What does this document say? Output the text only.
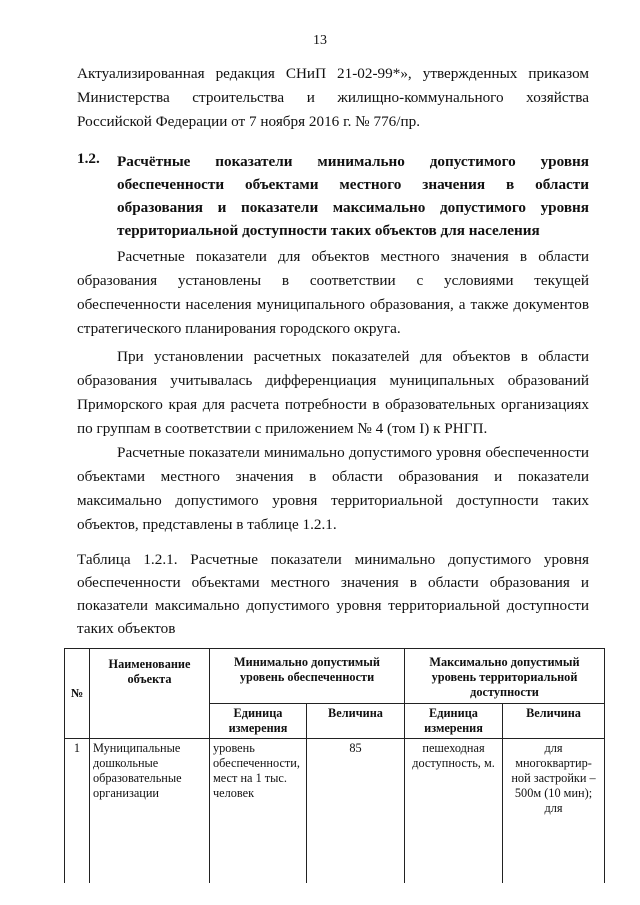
13

Актуализированная редакция СНиП 21-02-99*», утвержденных приказом Министерства строительства и жилищно-коммунального хозяйства Российской Федерации от 7 ноября 2016 г. № 776/пр.

1.2. Расчётные показатели минимально допустимого уровня обеспеченности объектами местного значения в области образования и показатели максимально допустимого уровня территориальной доступности таких объектов для населения

Расчетные показатели для объектов местного значения в области образования установлены в соответствии с условиями текущей обеспеченности населения муниципального образования, а также документов стратегического планирования городского округа.

При установлении расчетных показателей для объектов в области образования учитывалась дифференциация муниципальных образований Приморского края для расчета потребности в образовательных организациях по группам в соответствии с приложением № 4 (том I) к РНГП.

Расчетные показатели минимально допустимого уровня обеспеченности объектами местного значения в области образования и показатели максимально допустимого уровня территориальной доступности таких объектов, представлены в таблице 1.2.1.

Таблица 1.2.1. Расчетные показатели минимально допустимого уровня обеспеченности объектами местного значения в области образования и показатели максимально допустимого уровня территориальной доступности таких объектов

№	Наименование объекта	Минимально допустимый уровень обеспеченности		Максимально допустимый уровень территориальной доступности	
		Единица измерения	Величина	Единица измерения	Величина
1	Муниципальные дошкольные образовательные организации	уровень обеспеченности, мест на 1 тыс. человек	85	пешеходная доступность, м.	для многоквартир-ной застройки – 500м (10 мин); для
